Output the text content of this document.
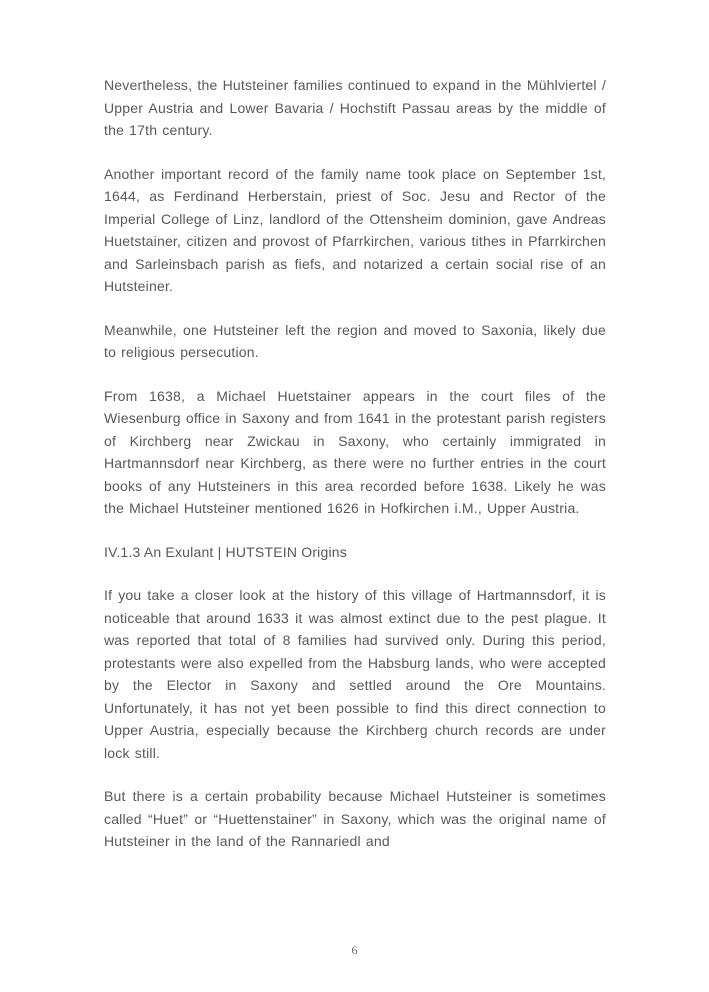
Nevertheless, the Hutsteiner families continued to expand in the Mühlviertel / Upper Austria and Lower Bavaria / Hochstift Passau areas by the middle of the 17th century.

Another important record of the family name took place on September 1st, 1644, as Ferdinand Herberstain, priest of Soc. Jesu and Rector of the Imperial College of Linz, landlord of the Ottensheim dominion, gave Andreas Huetstainer, citizen and provost of Pfarrkirchen, various tithes in Pfarrkirchen and Sarleinsbach parish as fiefs, and notarized a certain social rise of an Hutsteiner.

Meanwhile, one Hutsteiner left the region and moved to Saxonia, likely due to religious persecution.

From 1638, a Michael Huetstainer appears in the court files of the Wiesenburg office in Saxony and from 1641 in the protestant parish registers of Kirchberg near Zwickau in Saxony, who certainly immigrated in Hartmannsdorf near Kirchberg, as there were no further entries in the court books of any Hutsteiners in this area recorded before 1638. Likely he was the Michael Hutsteiner mentioned 1626 in Hofkirchen i.M., Upper Austria.

IV.1.3 An Exulant | HUTSTEIN Origins

If you take a closer look at the history of this village of Hartmannsdorf, it is noticeable that around 1633 it was almost extinct due to the pest plague. It was reported that total of 8 families had survived only. During this period, protestants were also expelled from the Habsburg lands, who were accepted by the Elector in Saxony and settled around the Ore Mountains. Unfortunately, it has not yet been possible to find this direct connection to Upper Austria, especially because the Kirchberg church records are under lock still.

But there is a certain probability because Michael Hutsteiner is sometimes called “Huet” or “Huettenstainer” in Saxony, which was the original name of Hutsteiner in the land of the Rannariedl and

6
